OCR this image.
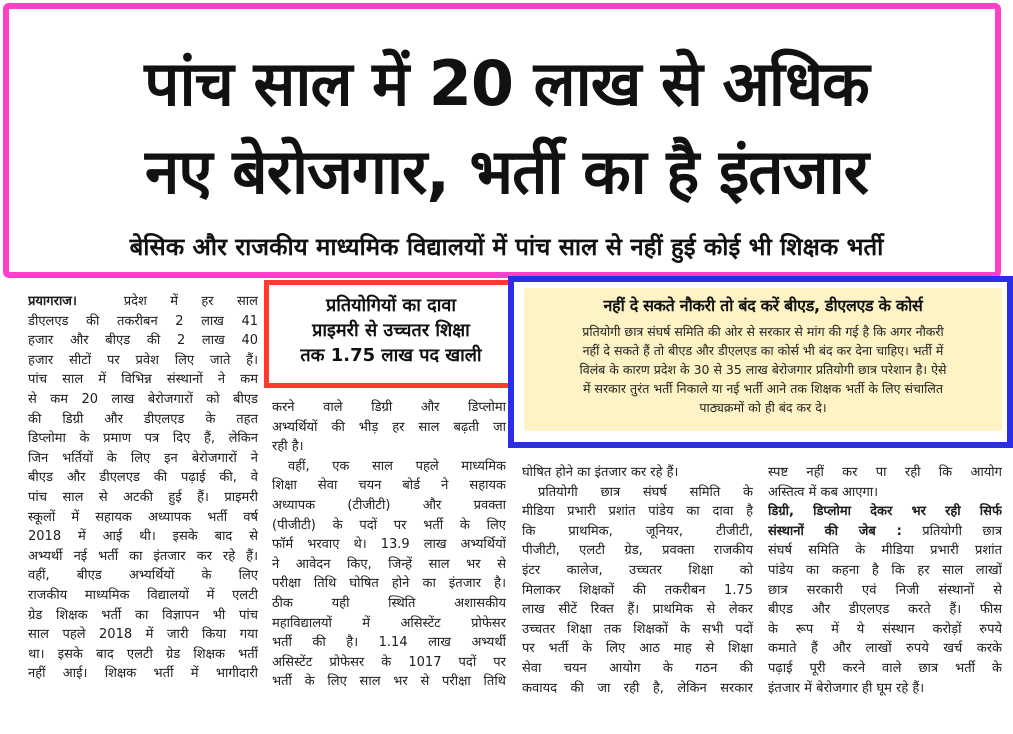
पांच साल में 20 लाख से अधिक
नए बेरोजगार, भर्ती का है इंतजार
बेसिक और राजकीय माध्यमिक विद्यालयों में पांच साल से नहीं हुई कोई भी शिक्षक भर्ती
प्रतियोगियों का दावा
प्राइमरी से उच्चतर शिक्षा
तक 1.75 लाख पद खाली
नहीं दे सकते नौकरी तो बंद करें बीएड, डीएलएड के कोर्स
प्रतियोगी छात्र संघर्ष समिति की ओर से सरकार से मांग की गई है कि अगर नौकरी
नहीं दे सकते हैं तो बीएड और डीएलएड का कोर्स भी बंद कर देना चाहिए। भर्ती में
विलंब के कारण प्रदेश के 30 से 35 लाख बेरोजगार प्रतियोगी छात्र परेशान है। ऐसे
में सरकार तुरंत भर्ती निकाले या नई भर्ती आने तक शिक्षक भर्ती के लिए संचालित
पाठ्यक्रमों को ही बंद कर दे।
प्रयागराज।	प्रदेश में हर साल
डीएलएड की तकरीबन 2 लाख 41
हजार और बीएड की 2 लाख 40
हजार सीटों पर प्रवेश लिए जाते हैं।
पांच साल में विभिन्न संस्थानों ने कम
से कम 20 लाख बेरोजगारों को बीएड
की डिग्री और डीएलएड के तहत
डिप्लोमा के प्रमाण पत्र दिए हैं, लेकिन
जिन भर्तियों के लिए इन बेरोजगारों ने
बीएड और डीएलएड की पढ़ाई की, वे
पांच साल से अटकी हुई हैं। प्राइमरी
स्कूलों में सहायक अध्यापक भर्ती वर्ष
2018 में आई थी। इसके बाद से
अभ्यर्थी नई भर्ती का इंतजार कर रहे हैं।
वहीं, बीएड अभ्यर्थियों के लिए
राजकीय माध्यमिक विद्यालयों में एलटी
ग्रेड शिक्षक भर्ती का विज्ञापन भी पांच
साल पहले 2018 में जारी किया गया
था। इसके बाद एलटी ग्रेड शिक्षक भर्ती
नहीं आई। शिक्षक भर्ती में भागीदारी
करने वाले डिग्री और डिप्लोमा
अभ्यर्थियों की भीड़ हर साल बढ़ती जा
रही है।
वहीं, एक साल पहले माध्यमिक
शिक्षा सेवा चयन बोर्ड ने सहायक
अध्यापक (टीजीटी) और प्रवक्ता
(पीजीटी) के पदों पर भर्ती के लिए
फॉर्म भरवाए थे। 13.9 लाख अभ्यर्थियों
ने आवेदन किए, जिन्हें साल भर से
परीक्षा तिथि घोषित होने का इंतजार है।
ठीक यही स्थिति अशासकीय
महाविद्यालयों में असिस्टेंट प्रोफेसर
भर्ती की है। 1.14 लाख अभ्यर्थी
असिस्टेंट प्रोफेसर के 1017 पदों पर
भर्ती के लिए साल भर से परीक्षा तिथि
घोषित होने का इंतजार कर रहे हैं।
प्रतियोगी छात्र संघर्ष समिति के
मीडिया प्रभारी प्रशांत पांडेय का दावा है
कि प्राथमिक, जूनियर, टीजीटी,
पीजीटी, एलटी ग्रेड, प्रवक्ता राजकीय
इंटर कालेज, उच्चतर शिक्षा को
मिलाकर शिक्षकों की तकरीबन 1.75
लाख सीटें रिक्त हैं। प्राथमिक से लेकर
उच्चतर शिक्षा तक शिक्षकों के सभी पदों
पर भर्ती के लिए आठ माह से शिक्षा
सेवा चयन आयोग के गठन की
कवायद की जा रही है, लेकिन सरकार
स्पष्ट नहीं कर पा रही कि आयोग
अस्तित्व में कब आएगा।
डिग्री, डिप्लोमा देकर भर रही सिर्फ
संस्थानों की जेब : प्रतियोगी छात्र
संघर्ष समिति के मीडिया प्रभारी प्रशांत
पांडेय का कहना है कि हर साल लाखों
छात्र सरकारी एवं निजी संस्थानों से
बीएड और डीएलएड करते हैं। फीस
के रूप में ये संस्थान करोड़ों रुपये
कमाते हैं और लाखों रुपये खर्च करके
पढ़ाई पूरी करने वाले छात्र भर्ती के
इंतजार में बेरोजगार ही घूम रहे हैं।
